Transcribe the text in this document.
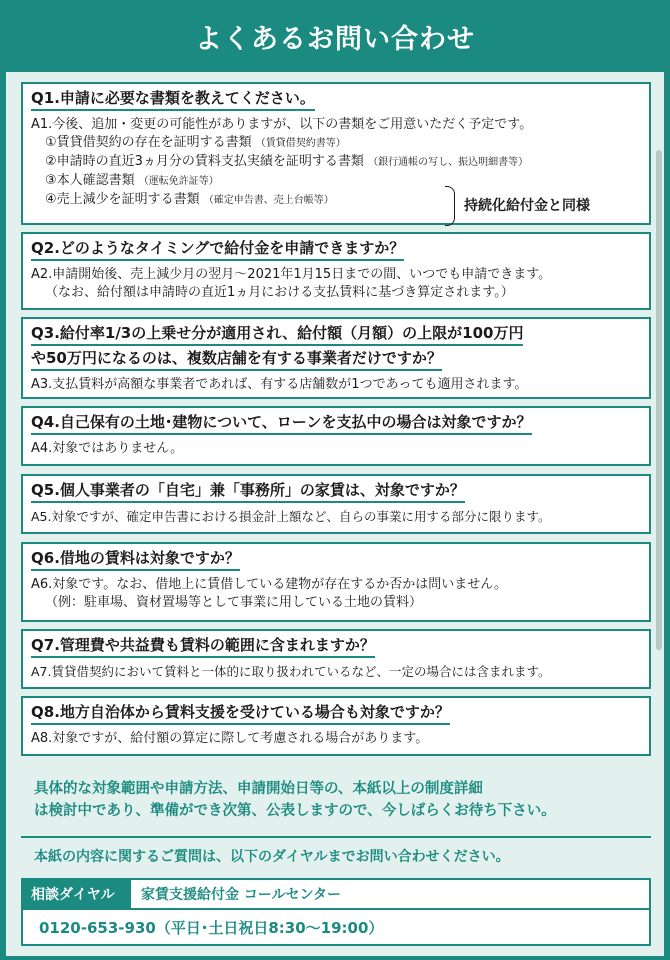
よくあるお問い合わせ
Q1.申請に必要な書類を教えてください。
A1.今後、追加・変更の可能性がありますが、以下の書類をご用意いただく予定です。
①賃貸借契約の存在を証明する書類 （賃貸借契約書等）
②申請時の直近3ヵ月分の賃料支払実績を証明する書類 （銀行通帳の写し、振込明細書等）
③本人確認書類 （運転免許証等）
④売上減少を証明する書類 （確定申告書、売上台帳等）	持続化給付金と同様
Q2.どのようなタイミングで給付金を申請できますか？
A2.申請開始後、売上減少月の翌月～2021年1月15日までの間、いつでも申請できます。
（なお、給付額は申請時の直近1ヵ月における支払賃料に基づき算定されます。）
Q3.給付率1/3の上乗せ分が適用され、給付額（月額）の上限が100万円
や50万円になるのは、複数店舗を有する事業者だけですか？
A3.支払賃料が高額な事業者であれば、有する店舗数が1つであっても適用されます。
Q4.自己保有の土地･建物について、ローンを支払中の場合は対象ですか？
A4.対象ではありません。
Q5.個人事業者の「自宅」兼「事務所」の家賃は、対象ですか？
A5.対象ですが、確定申告書における損金計上額など、自らの事業に用する部分に限ります。
Q6.借地の賃料は対象ですか？
A6.対象です。なお、借地上に賃借している建物が存在するか否かは問いません。
（例：駐車場、資材置場等として事業に用している土地の賃料）
Q7.管理費や共益費も賃料の範囲に含まれますか？
A7.賃貸借契約において賃料と一体的に取り扱われているなど、一定の場合には含まれます。
Q8.地方自治体から賃料支援を受けている場合も対象ですか？
A8.対象ですが、給付額の算定に際して考慮される場合があります。
具体的な対象範囲や申請方法、申請開始日等の、本紙以上の制度詳細
は検討中であり、準備ができ次第、公表しますので、今しばらくお待ち下さい。
本紙の内容に関するご質問は、以下のダイヤルまでお問い合わせください。
相談ダイヤル	家賃支援給付金 コールセンター
0120-653-930（平日･土日祝日8:30～19:00）
